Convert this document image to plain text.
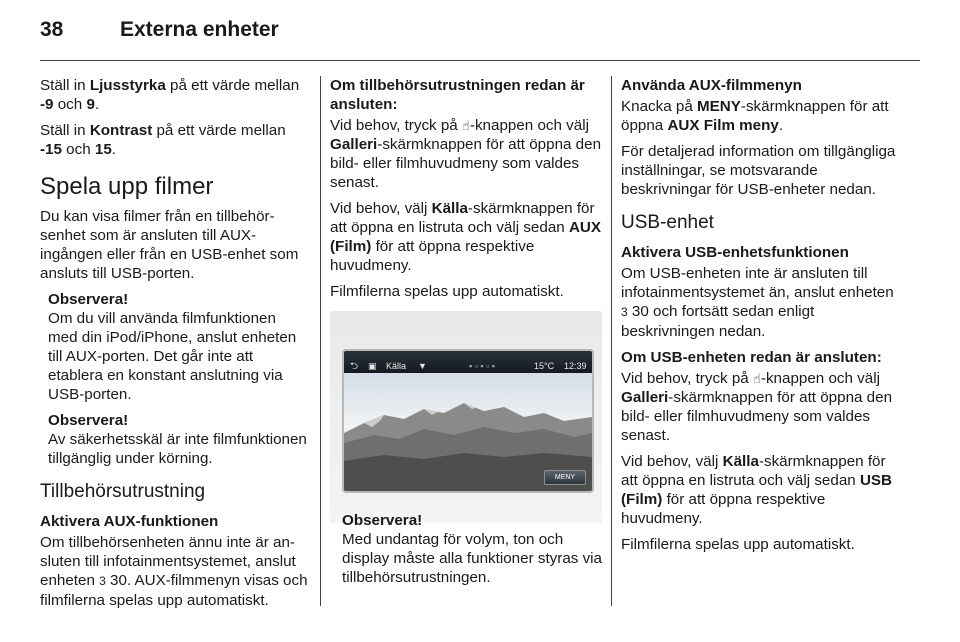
38	Externa enheter

Ställ in Ljusstyrka på ett värde mellan -9 och 9.

Ställ in Kontrast på ett värde mellan -15 och 15.

Spela upp filmer

Du kan visa filmer från en tillbehörsenhet som är ansluten till AUX-ingången eller från en USB-enhet som ansluts till USB-porten.

Observera!
Om du vill använda filmfunktionen med din iPod/iPhone, anslut enheten till AUX-porten. Det går inte att etablera en konstant anslutning via USB-porten.
Observera!
Av säkerhetsskäl är inte filmfunktionen tillgänglig under körning.
Tillbehörsutrustning
Aktivera AUX-funktionen

Om tillbehörsenheten ännu inte är ansluten till infotainmentsystemet, anslut enheten 3 30. AUX-filmmenyn visas och filmfilerna spelas upp automatiskt.

Om tillbehörsutrustningen redan är ansluten:

Vid behov, tryck på ☝-knappen och välj Galleri-skärmknappen för att öppna den bild- eller filmhuvudmeny som valdes senast.

Vid behov, välj Källa-skärmknappen för att öppna en listruta och välj sedan AUX (Film) för att öppna respektive huvudmeny.

Filmfilerna spelas upp automatiskt.

⮌ ▣ Källa ▼	▪ ▫ ▪ ▫ ▪	15°C 12:39
MENY
Observera!
Med undantag för volym, ton och display måste alla funktioner styras via tillbehörsutrustningen.
Använda AUX-filmmenyn

Knacka på MENY-skärmknappen för att öppna AUX Film meny.

För detaljerad information om tillgängliga inställningar, se motsvarande beskrivningar för USB-enheter nedan.

USB-enhet
Aktivera USB-enhetsfunktionen

Om USB-enheten inte är ansluten till infotainmentsystemet än, anslut enheten 3 30 och fortsätt sedan enligt beskrivningen nedan.

Om USB-enheten redan är ansluten:

Vid behov, tryck på ☝-knappen och välj Galleri-skärmknappen för att öppna den bild- eller filmhuvudmeny som valdes senast.

Vid behov, välj Källa-skärmknappen för att öppna en listruta och välj sedan USB (Film) för att öppna respektive huvudmeny.

Filmfilerna spelas upp automatiskt.
